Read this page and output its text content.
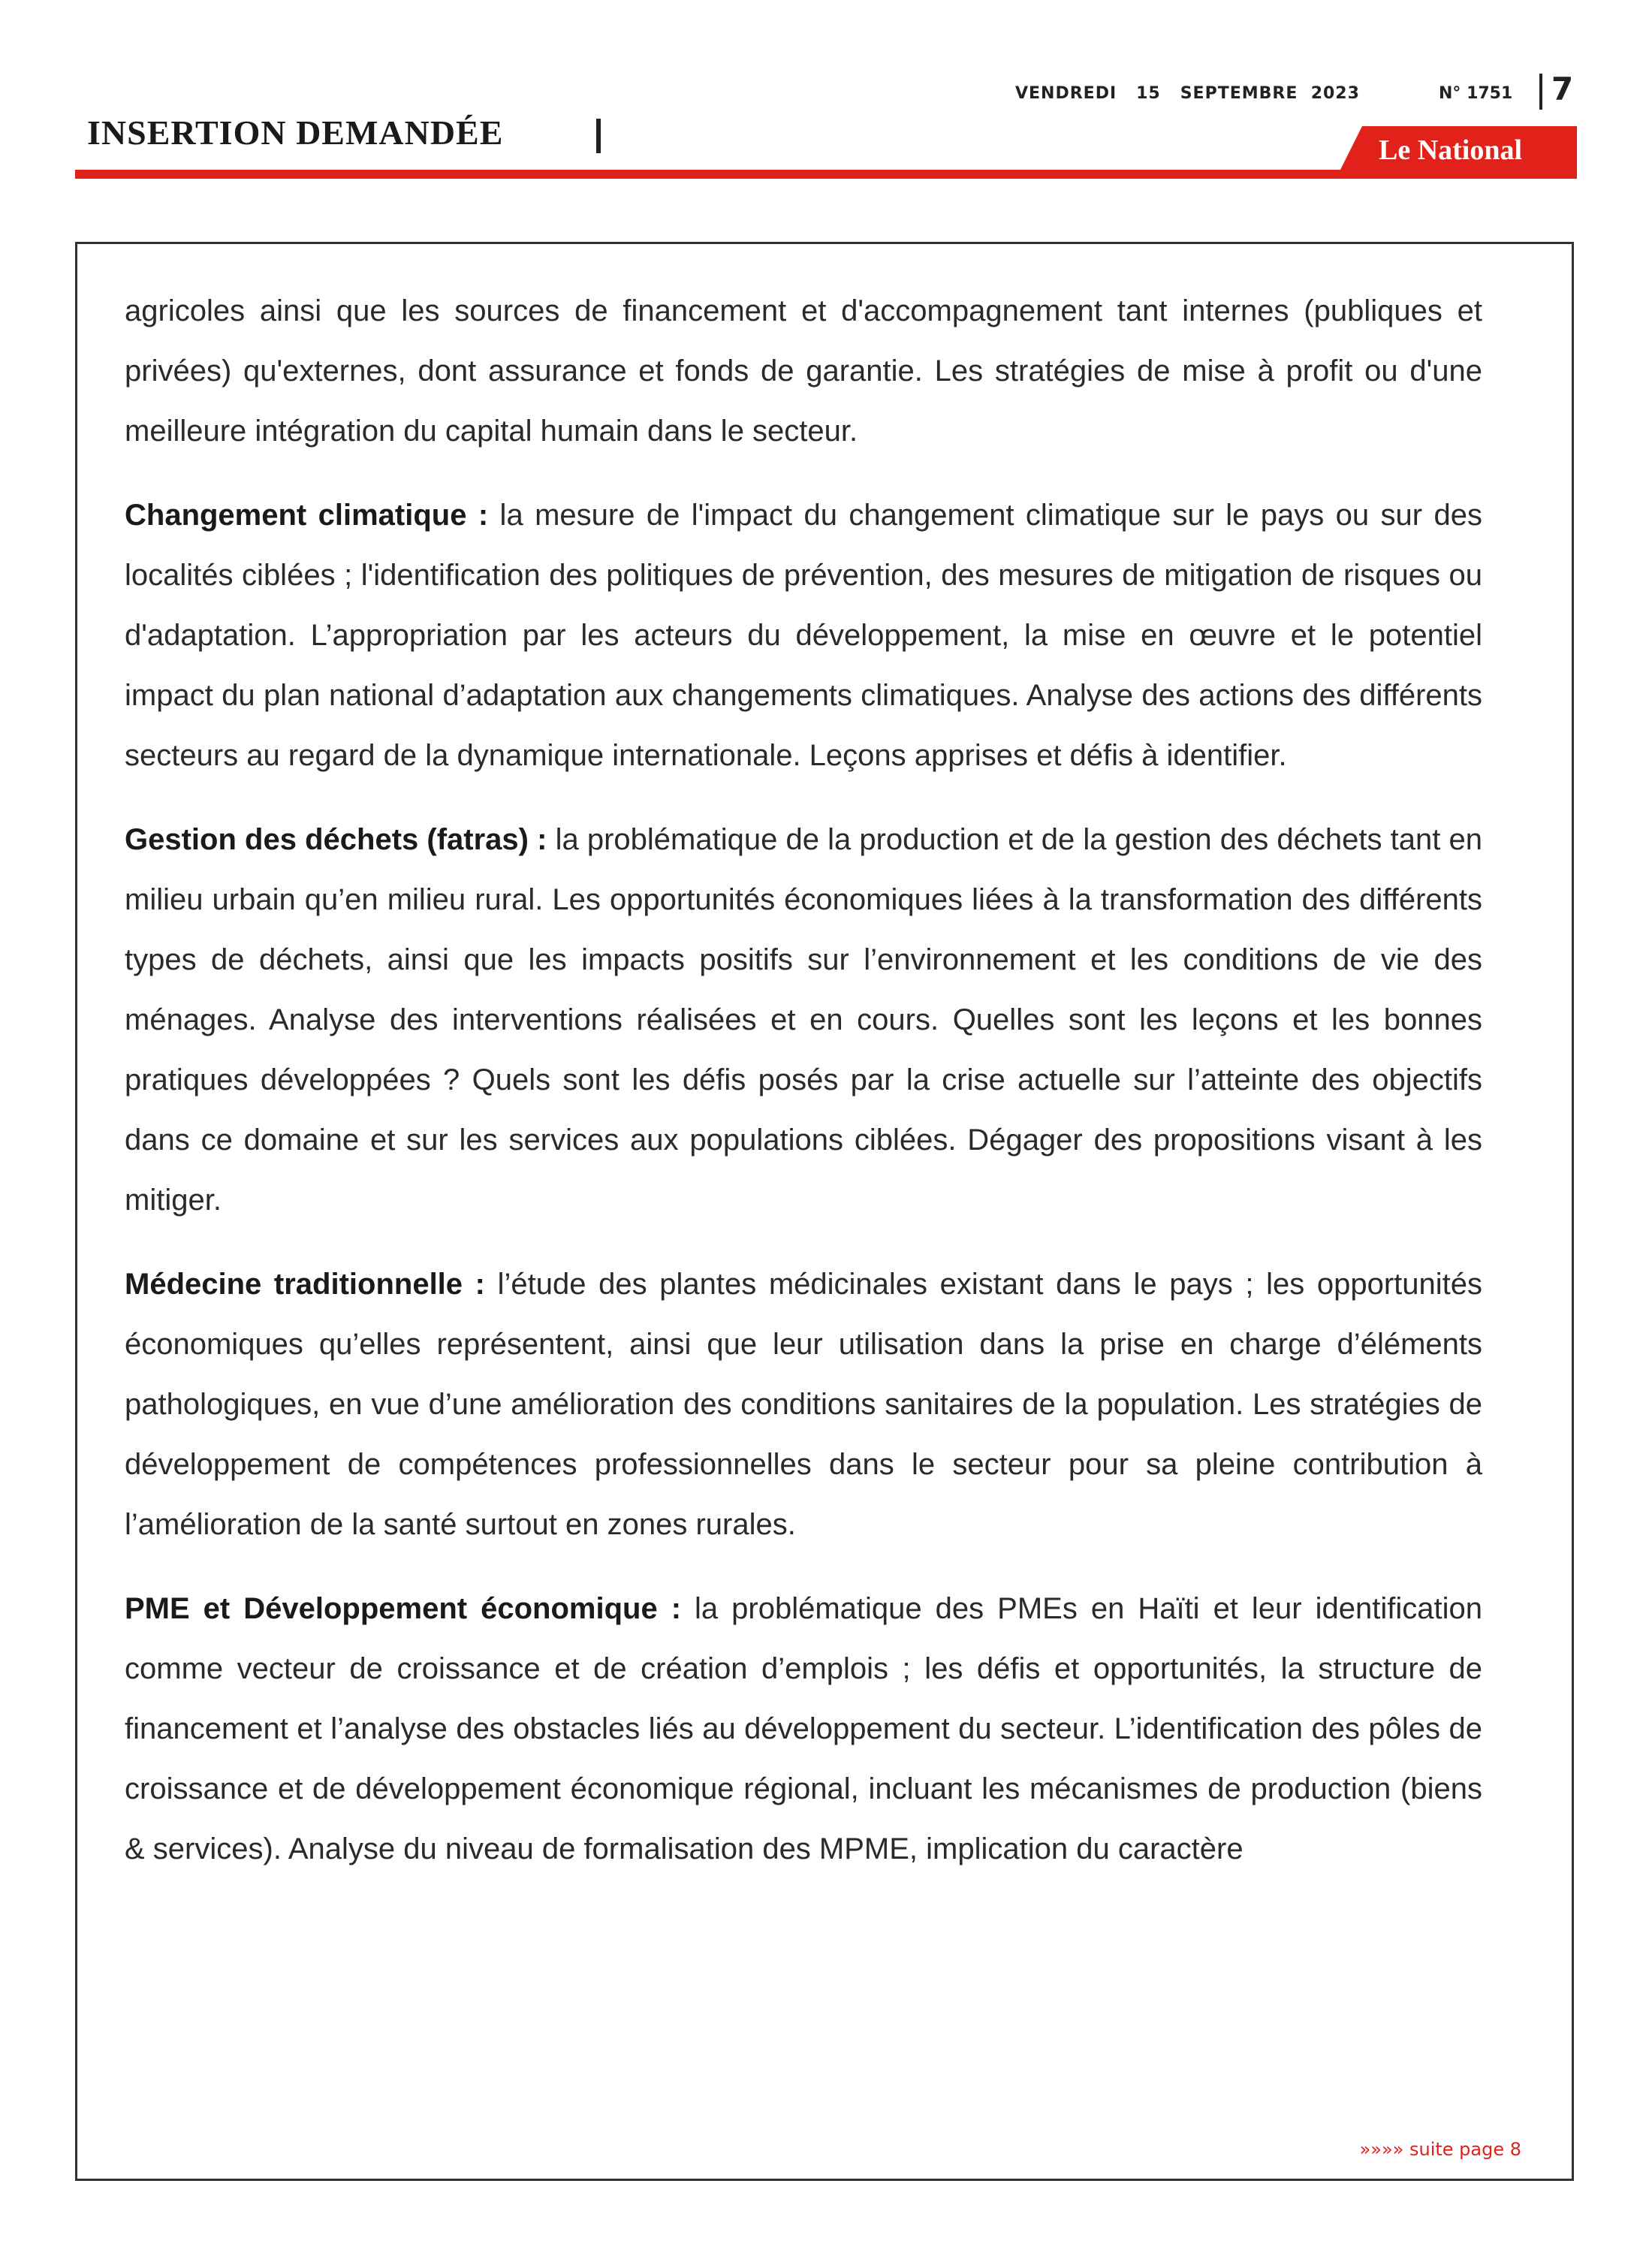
VENDREDI   15   SEPTEMBRE  2023	N° 1751 7
INSERTION DEMANDÉE	Le National

agricoles ainsi que les sources de financement et d'accompagnement tant internes (publiques et privées) qu'externes, dont assurance et fonds de garantie. Les stratégies de mise à profit ou d'une meilleure intégration du capital humain dans le secteur.

Changement climatique : la mesure de l'impact du changement climatique sur le pays ou sur des localités ciblées ; l'identification des politiques de prévention, des mesures de mitigation de risques ou d'adaptation. L’appropriation par les acteurs du développement, la mise en œuvre et le potentiel impact du plan national d’adaptation aux changements climatiques. Analyse des actions des différents secteurs au regard de la dynamique internationale. Leçons apprises et défis à identifier.

Gestion des déchets (fatras) : la problématique de la production et de la gestion des déchets tant en milieu urbain qu’en milieu rural. Les opportunités économiques liées à la transformation des différents types de déchets, ainsi que les impacts positifs sur l’environnement et les conditions de vie des ménages. Analyse des interventions réalisées et en cours. Quelles sont les leçons et les bonnes pratiques développées ? Quels sont les défis posés par la crise actuelle sur l’atteinte des objectifs dans ce domaine et sur les services aux populations ciblées. Dégager des propositions visant à les mitiger.

Médecine traditionnelle : l’étude des plantes médicinales existant dans le pays ; les opportunités économiques qu’elles représentent, ainsi que leur utilisation dans la prise en charge d’éléments pathologiques, en vue d’une amélioration des conditions sanitaires de la population. Les stratégies de développement de compétences professionnelles dans le secteur pour sa pleine contribution à l’amélioration de la santé surtout en zones rurales.

PME et Développement économique : la problématique des PMEs en Haïti et leur identification comme vecteur de croissance et de création d’emplois ; les défis et opportunités, la structure de financement et l’analyse des obstacles liés au développement du secteur. L’identification des pôles de croissance et de développement économique régional, incluant les mécanismes de production (biens & services). Analyse du niveau de formalisation des MPME, implication du caractère

»»»» suite page 8
